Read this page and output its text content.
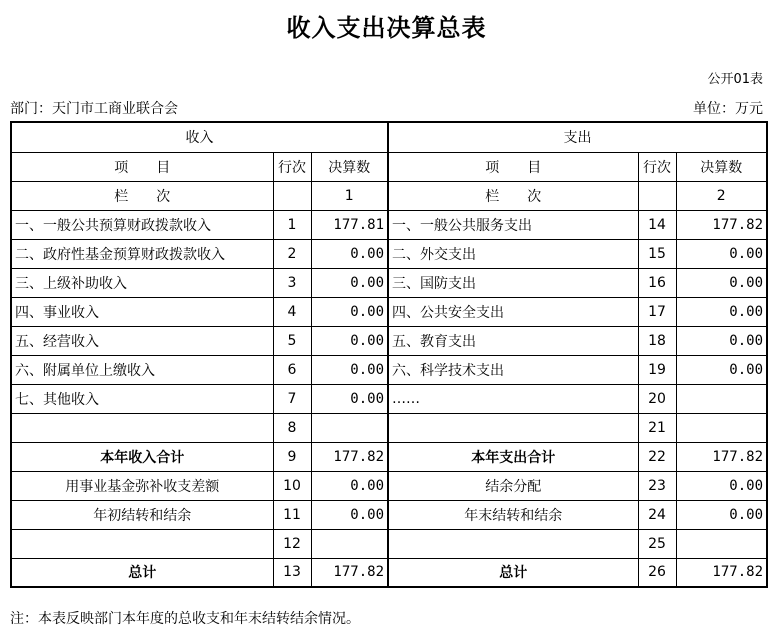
收入支出决算总表
公开01表
部门：天门市工商业联合会	单位：万元
收入			支出		
项　　目	行次	决算数	项　　目	行次	决算数
栏　　次		1	栏　　次		2
一、一般公共预算财政拨款收入	1	177.81	一、一般公共服务支出	14	177.82
二、政府性基金预算财政拨款收入	2	0.00	二、外交支出	15	0.00
三、上级补助收入	3	0.00	三、国防支出	16	0.00
四、事业收入	4	0.00	四、公共安全支出	17	0.00
五、经营收入	5	0.00	五、教育支出	18	0.00
六、附属单位上缴收入	6	0.00	六、科学技术支出	19	0.00
七、其他收入	7	0.00	……	20	
	8			21	
本年收入合计	9	177.82	本年支出合计	22	177.82
用事业基金弥补收支差额	10	0.00	结余分配	23	0.00
年初结转和结余	11	0.00	年末结转和结余	24	0.00
	12			25	
总计	13	177.82	总计	26	177.82
注：本表反映部门本年度的总收支和年末结转结余情况。
